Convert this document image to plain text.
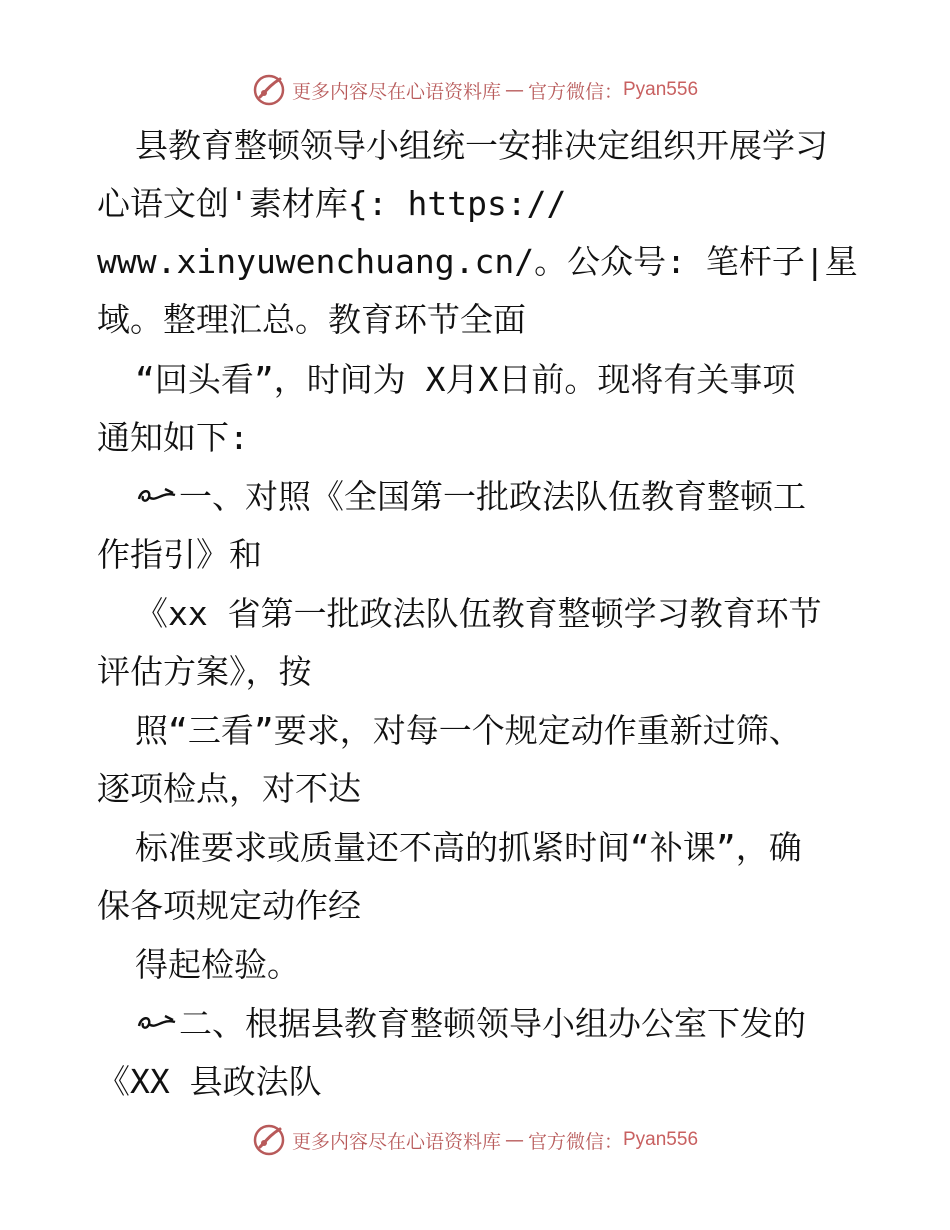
更多内容尽在心语资料库 — 官方微信： Pyan556
县教育整顿领导小组统一安排决定组织开展学习
心语文创'素材库{: https://
www.xinyuwenchuang.cn/。公众号: 笔杆子|星
域。整理汇总。教育环节全面
“回头看”，时间为 X月X日前。现将有关事项
通知如下:
一、对照《全国第一批政法队伍教育整顿工
作指引》和
《xx 省第一批政法队伍教育整顿学习教育环节
评估方案》，按
照“三看”要求，对每一个规定动作重新过筛、
逐项检点，对不达
标准要求或质量还不高的抓紧时间“补课”，确
保各项规定动作经
得起检验。
二、根据县教育整顿领导小组办公室下发的
《XX 县政法队
更多内容尽在心语资料库 — 官方微信： Pyan556
